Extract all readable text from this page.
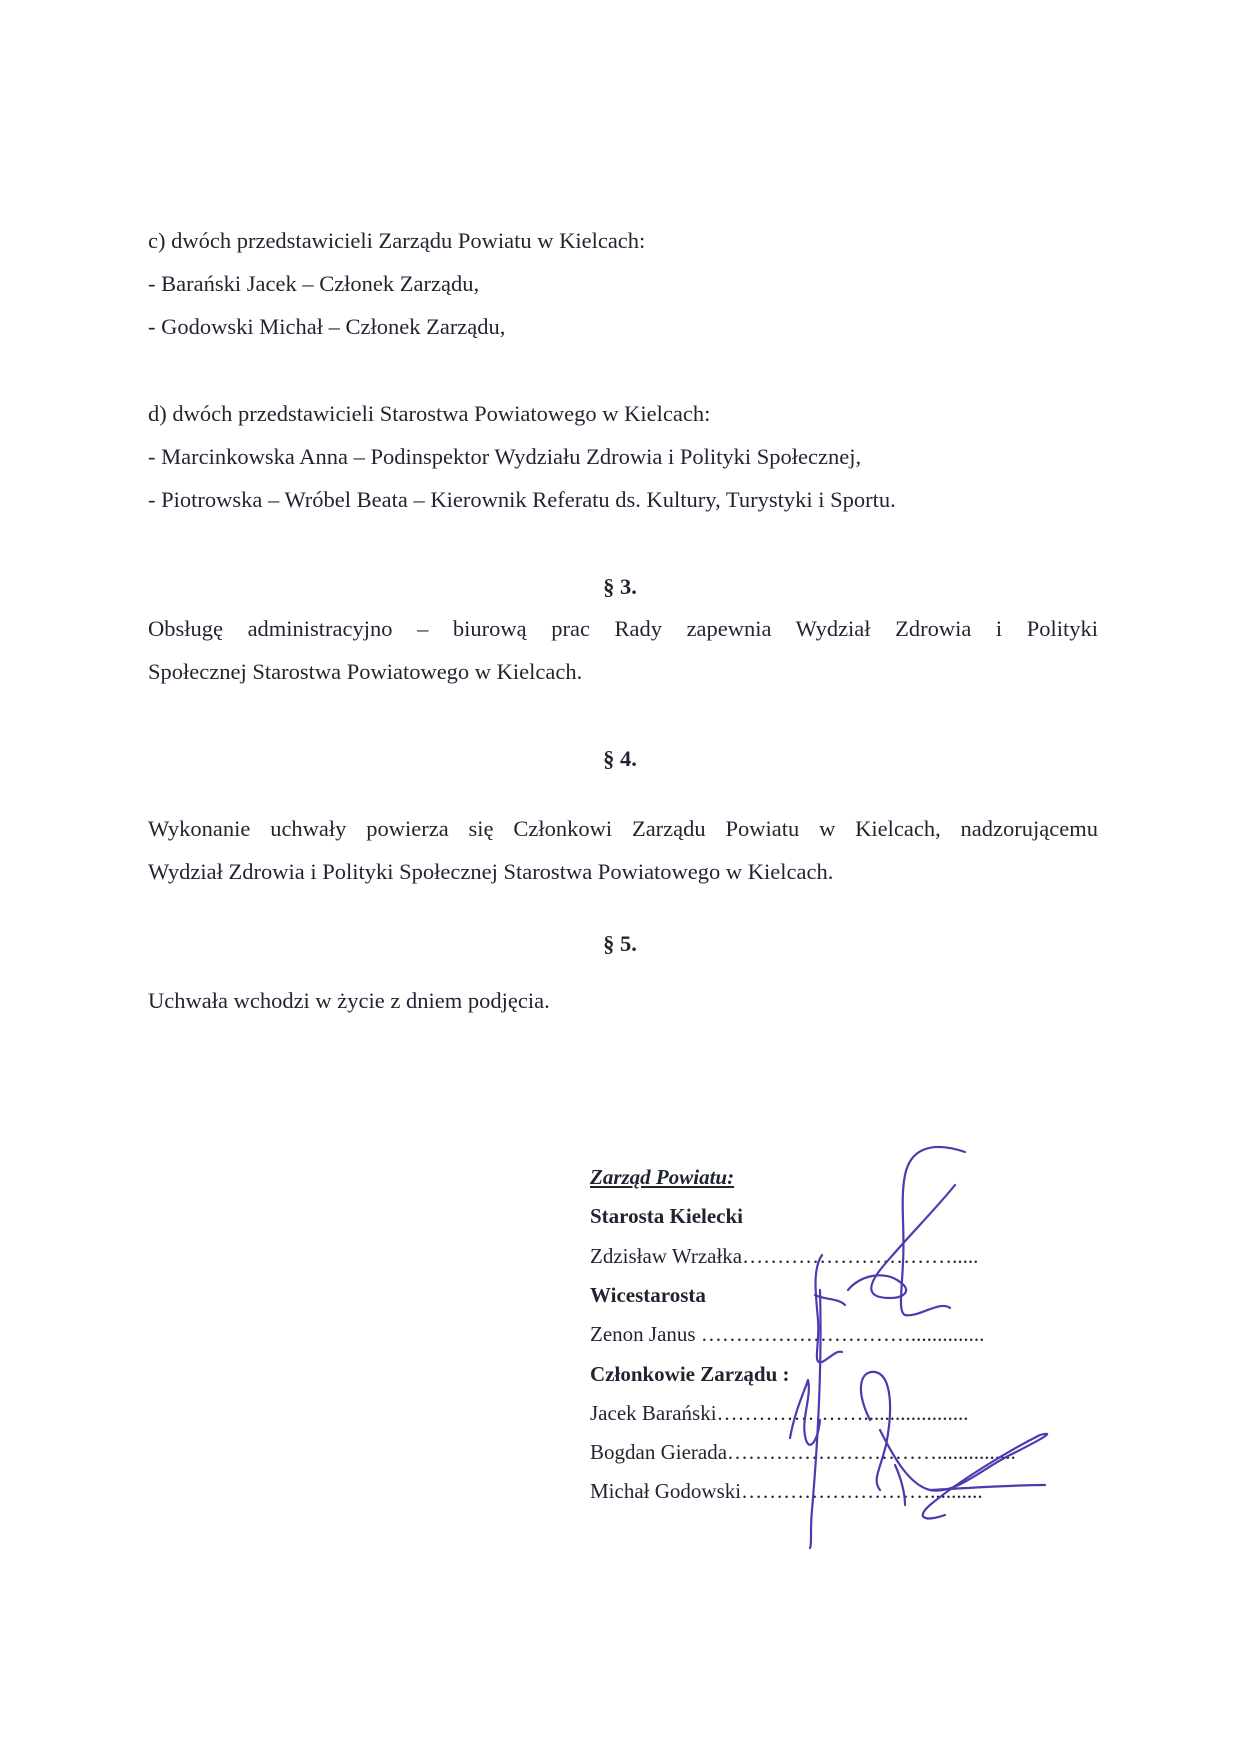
c) dwóch przedstawicieli Zarządu Powiatu w Kielcach:
- Barański Jacek – Członek Zarządu,
- Godowski Michał – Członek Zarządu,
d) dwóch przedstawicieli Starostwa Powiatowego w Kielcach:
- Marcinkowska Anna – Podinspektor Wydziału Zdrowia i Polityki Społecznej,
- Piotrowska – Wróbel Beata – Kierownik Referatu ds. Kultury, Turystyki i Sportu.
§ 3.
Obsługę administracyjno – biurową prac Rady zapewnia Wydział Zdrowia i Polityki
Społecznej Starostwa Powiatowego w Kielcach.
§ 4.
Wykonanie uchwały powierza się Członkowi Zarządu Powiatu w Kielcach, nadzorującemu
Wydział Zdrowia i Polityki Społecznej Starostwa Powiatowego w Kielcach.
§ 5.
Uchwała wchodzi w życie z dniem podjęcia.
Zarząd Powiatu:
Starosta Kielecki
Zdzisław Wrzałka………………………….....
Wicestarosta
Zenon Janus …………………………..............
Członkowie Zarządu :
Jacek Barański…………………....................
Bogdan Gierada…………………………...............
Michał Godowski………………………..........
